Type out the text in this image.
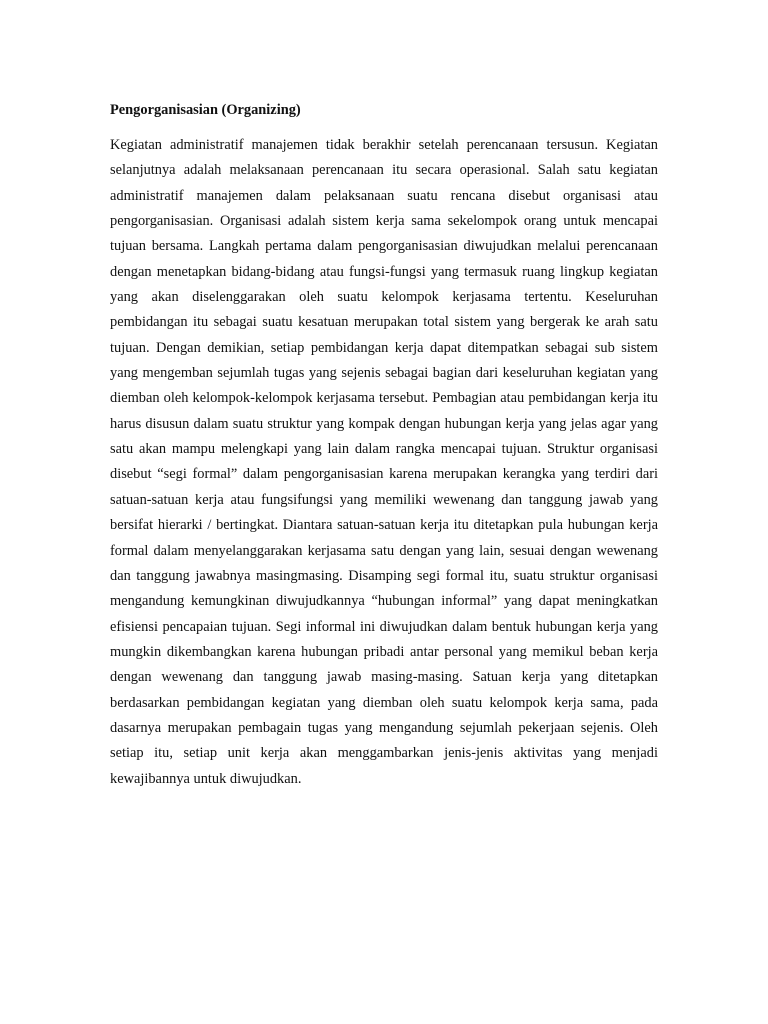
Pengorganisasian (Organizing)

Kegiatan administratif manajemen tidak berakhir setelah perencanaan tersusun. Kegiatan selanjutnya adalah melaksanaan perencanaan itu secara operasional. Salah satu kegiatan administratif manajemen dalam pelaksanaan suatu rencana disebut organisasi atau pengorganisasian. Organisasi adalah sistem kerja sama sekelompok orang untuk mencapai tujuan bersama. Langkah pertama dalam pengorganisasian diwujudkan melalui perencanaan dengan menetapkan bidang-bidang atau fungsi-fungsi yang termasuk ruang lingkup kegiatan yang akan diselenggarakan oleh suatu kelompok kerjasama tertentu. Keseluruhan pembidangan itu sebagai suatu kesatuan merupakan total sistem yang bergerak ke arah satu tujuan. Dengan demikian, setiap pembidangan kerja dapat ditempatkan sebagai sub sistem yang mengemban sejumlah tugas yang sejenis sebagai bagian dari keseluruhan kegiatan yang diemban oleh kelompok-kelompok kerjasama tersebut. Pembagian atau pembidangan kerja itu harus disusun dalam suatu struktur yang kompak dengan hubungan kerja yang jelas agar yang satu akan mampu melengkapi yang lain dalam rangka mencapai tujuan. Struktur organisasi disebut “segi formal” dalam pengorganisasian karena merupakan kerangka yang terdiri dari satuan-satuan kerja atau fungsifungsi yang memiliki wewenang dan tanggung jawab yang bersifat hierarki / bertingkat. Diantara satuan-satuan kerja itu ditetapkan pula hubungan kerja formal dalam menyelanggarakan kerjasama satu dengan yang lain, sesuai dengan wewenang dan tanggung jawabnya masingmasing. Disamping segi formal itu, suatu struktur organisasi mengandung kemungkinan diwujudkannya “hubungan informal” yang dapat meningkatkan efisiensi pencapaian tujuan. Segi informal ini diwujudkan dalam bentuk hubungan kerja yang mungkin dikembangkan karena hubungan pribadi antar personal yang memikul beban kerja dengan wewenang dan tanggung jawab masing-masing. Satuan kerja yang ditetapkan berdasarkan pembidangan kegiatan yang diemban oleh suatu kelompok kerja sama, pada dasarnya merupakan pembagain tugas yang mengandung sejumlah pekerjaan sejenis. Oleh setiap itu, setiap unit kerja akan menggambarkan jenis-jenis aktivitas yang menjadi kewajibannya untuk diwujudkan.
